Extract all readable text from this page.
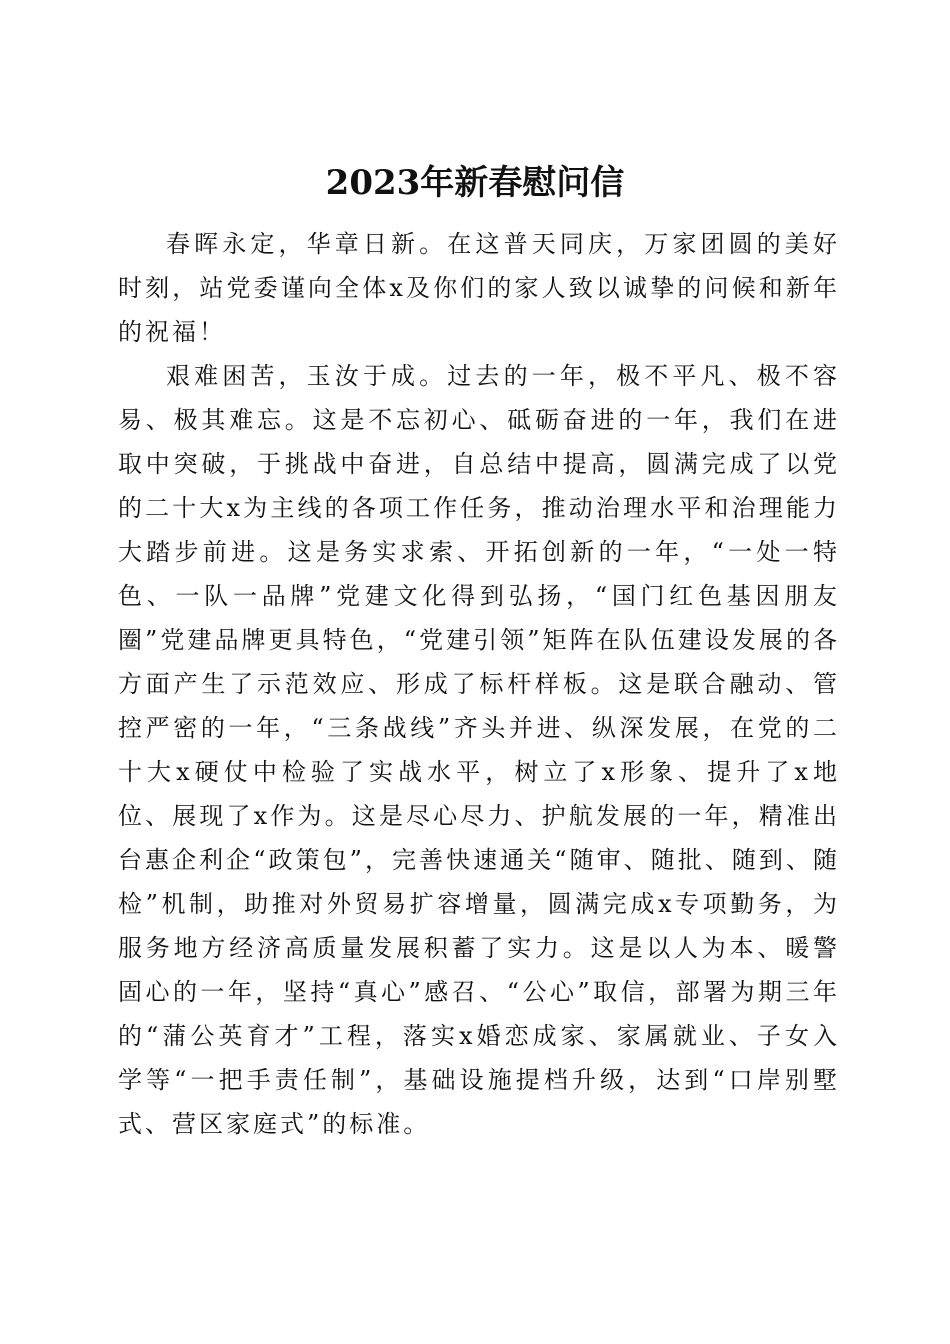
2023年新春慰问信

春晖永定，华章日新。在这普天同庆，万家团圆的美好时刻，站党委谨向全体x及你们的家人致以诚挚的问候和新年的祝福！

艰难困苦，玉汝于成。过去的一年，极不平凡、极不容易、极其难忘。这是不忘初心、砥砺奋进的一年，我们在进取中突破，于挑战中奋进，自总结中提高，圆满完成了以党的二十大x为主线的各项工作任务，推动治理水平和治理能力大踏步前进。这是务实求索、开拓创新的一年，“一处一特色、一队一品牌”党建文化得到弘扬，“国门红色基因朋友圈”党建品牌更具特色，“党建引领”矩阵在队伍建设发展的各方面产生了示范效应、形成了标杆样板。这是联合融动、管控严密的一年，“三条战线”齐头并进、纵深发展，在党的二十大x硬仗中检验了实战水平，树立了x形象、提升了x地位、展现了x作为。这是尽心尽力、护航发展的一年，精准出台惠企利企“政策包”，完善快速通关“随审、随批、随到、随检”机制，助推对外贸易扩容增量，圆满完成x专项勤务，为服务地方经济高质量发展积蓄了实力。这是以人为本、暖警固心的一年，坚持“真心”感召、“公心”取信，部署为期三年的“蒲公英育才”工程，落实x婚恋成家、家属就业、子女入学等“一把手责任制”，基础设施提档升级，达到“口岸别墅式、营区家庭式”的标准。
